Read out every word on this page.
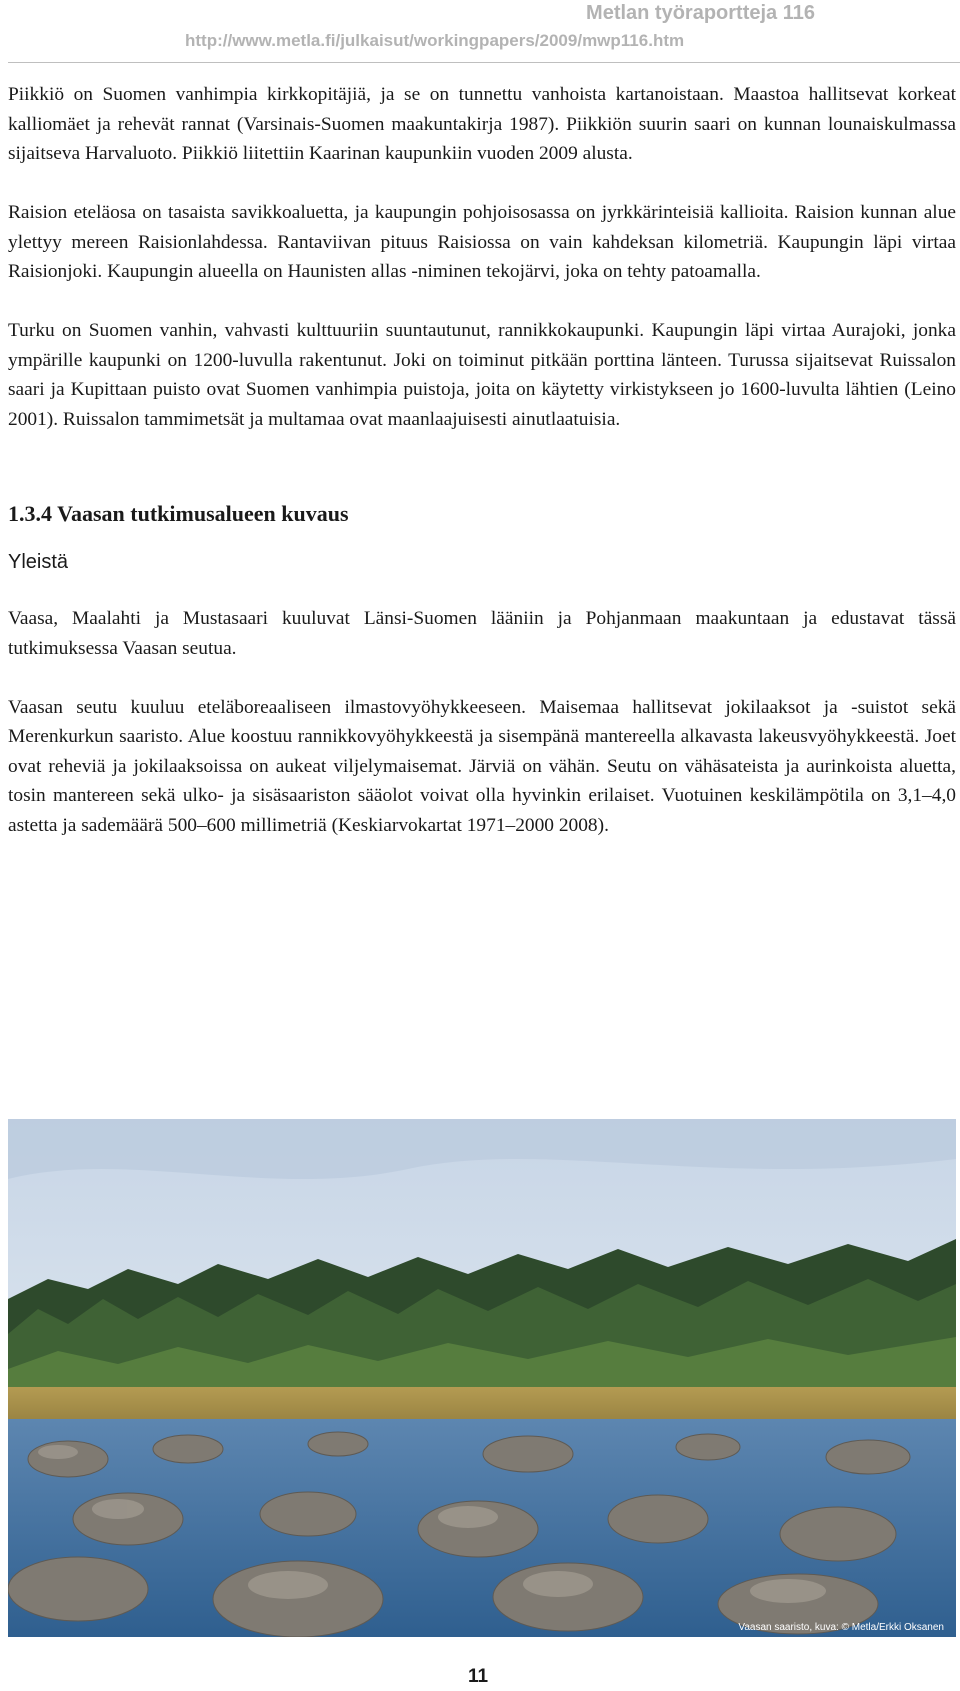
Metlan työraportteja 116
http://www.metla.fi/julkaisut/workingpapers/2009/mwp116.htm

Piikkiö on Suomen vanhimpia kirkkopitäjiä, ja se on tunnettu vanhoista kartanoistaan. Maastoa hallitsevat korkeat kalliomäet ja rehevät rannat (Varsinais-Suomen maakuntakirja 1987). Piikkiön suurin saari on kunnan lounaiskulmassa sijaitseva Harvaluoto. Piikkiö liitettiin Kaarinan kaupunkiin vuoden 2009 alusta.

Raision eteläosa on tasaista savikkoaluetta, ja kaupungin pohjoisosassa on jyrkkärinteisiä kallioita. Raision kunnan alue ylettyy mereen Raisionlahdessa. Rantaviivan pituus Raisiossa on vain kahdeksan kilometriä. Kaupungin läpi virtaa Raisionjoki. Kaupungin alueella on Haunisten allas -niminen tekojärvi, joka on tehty patoamalla.

Turku on Suomen vanhin, vahvasti kulttuuriin suuntautunut, rannikkokaupunki. Kaupungin läpi virtaa Aurajoki, jonka ympärille kaupunki on 1200-luvulla rakentunut. Joki on toiminut pitkään porttina länteen. Turussa sijaitsevat Ruissalon saari ja Kupittaan puisto ovat Suomen vanhimpia puistoja, joita on käytetty virkistykseen jo 1600-luvulta lähtien (Leino 2001). Ruissalon tammimetsät ja multamaa ovat maanlaajuisesti ainutlaatuisia.

1.3.4 Vaasan tutkimusalueen kuvaus
Yleistä

Vaasa, Maalahti ja Mustasaari kuuluvat Länsi-Suomen lääniin ja Pohjanmaan maakuntaan ja edustavat tässä tutkimuksessa Vaasan seutua.

Vaasan seutu kuuluu eteläboreaaliseen ilmastovyöhykkeeseen. Maisemaa hallitsevat jokilaaksot ja -suistot sekä Merenkurkun saaristo. Alue koostuu rannikkovyöhykkeestä ja sisempänä mantereella alkavasta lakeusvyöhykkeestä. Joet ovat reheviä ja jokilaaksoissa on aukeat viljelymaisemat. Järviä on vähän. Seutu on vähäsateista ja aurinkoista aluetta, tosin mantereen sekä ulko- ja sisäsaariston sääolot voivat olla hyvinkin erilaiset. Vuotuinen keskilämpötila on 3,1–4,0 astetta ja sademäärä 500–600 millimetriä (Keskiarvokartat 1971–2000 2008).

Vaasan saaristo, kuva: © Metla/Erkki Oksanen
11
